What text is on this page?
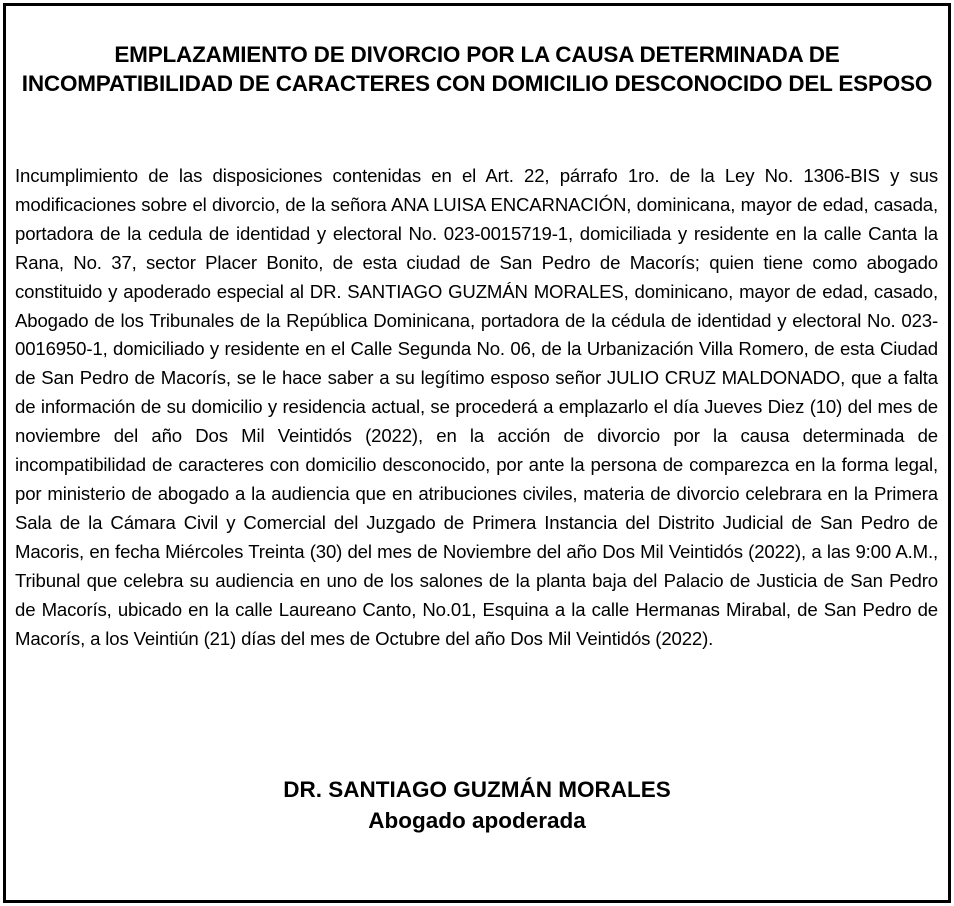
EMPLAZAMIENTO DE DIVORCIO POR LA CAUSA DETERMINADA DE INCOMPATIBILIDAD DE CARACTERES CON DOMICILIO DESCONOCIDO DEL ESPOSO

Incumplimiento de las disposiciones contenidas en el Art. 22, párrafo 1ro. de la Ley No. 1306-BIS y sus modificaciones sobre el divorcio, de la señora ANA LUISA ENCARNACIÓN, dominicana, mayor de edad, casada, portadora de la cedula de identidad y electoral No. 023-0015719-1, domiciliada y residente en la calle Canta la Rana, No. 37, sector Placer Bonito, de esta ciudad de San Pedro de Macorís; quien tiene como abogado constituido y apoderado especial al DR. SANTIAGO GUZMÁN MORALES, dominicano, mayor de edad, casado, Abogado de los Tribunales de la República Dominicana, portadora de la cédula de identidad y electoral No. 023-0016950-1, domiciliado y residente en el Calle Segunda No. 06, de la Urbanización Villa Romero, de esta Ciudad de San Pedro de Macorís, se le hace saber a su legítimo esposo señor JULIO CRUZ MALDONADO, que a falta de información de su domicilio y residencia actual, se procederá a emplazarlo el día Jueves Diez (10) del mes de noviembre del año Dos Mil Veintidós (2022), en la acción de divorcio por la causa determinada de incompatibilidad de caracteres con domicilio desconocido, por ante la persona de comparezca en la forma legal, por ministerio de abogado a la audiencia que en atribuciones civiles, materia de divorcio celebrara en la Primera Sala de la Cámara Civil y Comercial del Juzgado de Primera Instancia del Distrito Judicial de San Pedro de Macoris, en fecha Miércoles Treinta (30) del mes de Noviembre del año Dos Mil Veintidós (2022), a las 9:00 A.M., Tribunal que celebra su audiencia en uno de los salones de la planta baja del Palacio de Justicia de San Pedro de Macorís, ubicado en la calle Laureano Canto, No.01, Esquina a la calle Hermanas Mirabal, de San Pedro de Macorís, a los Veintiún (21) días del mes de Octubre del año Dos Mil Veintidós (2022).

DR. SANTIAGO GUZMÁN MORALES
Abogado apoderada
